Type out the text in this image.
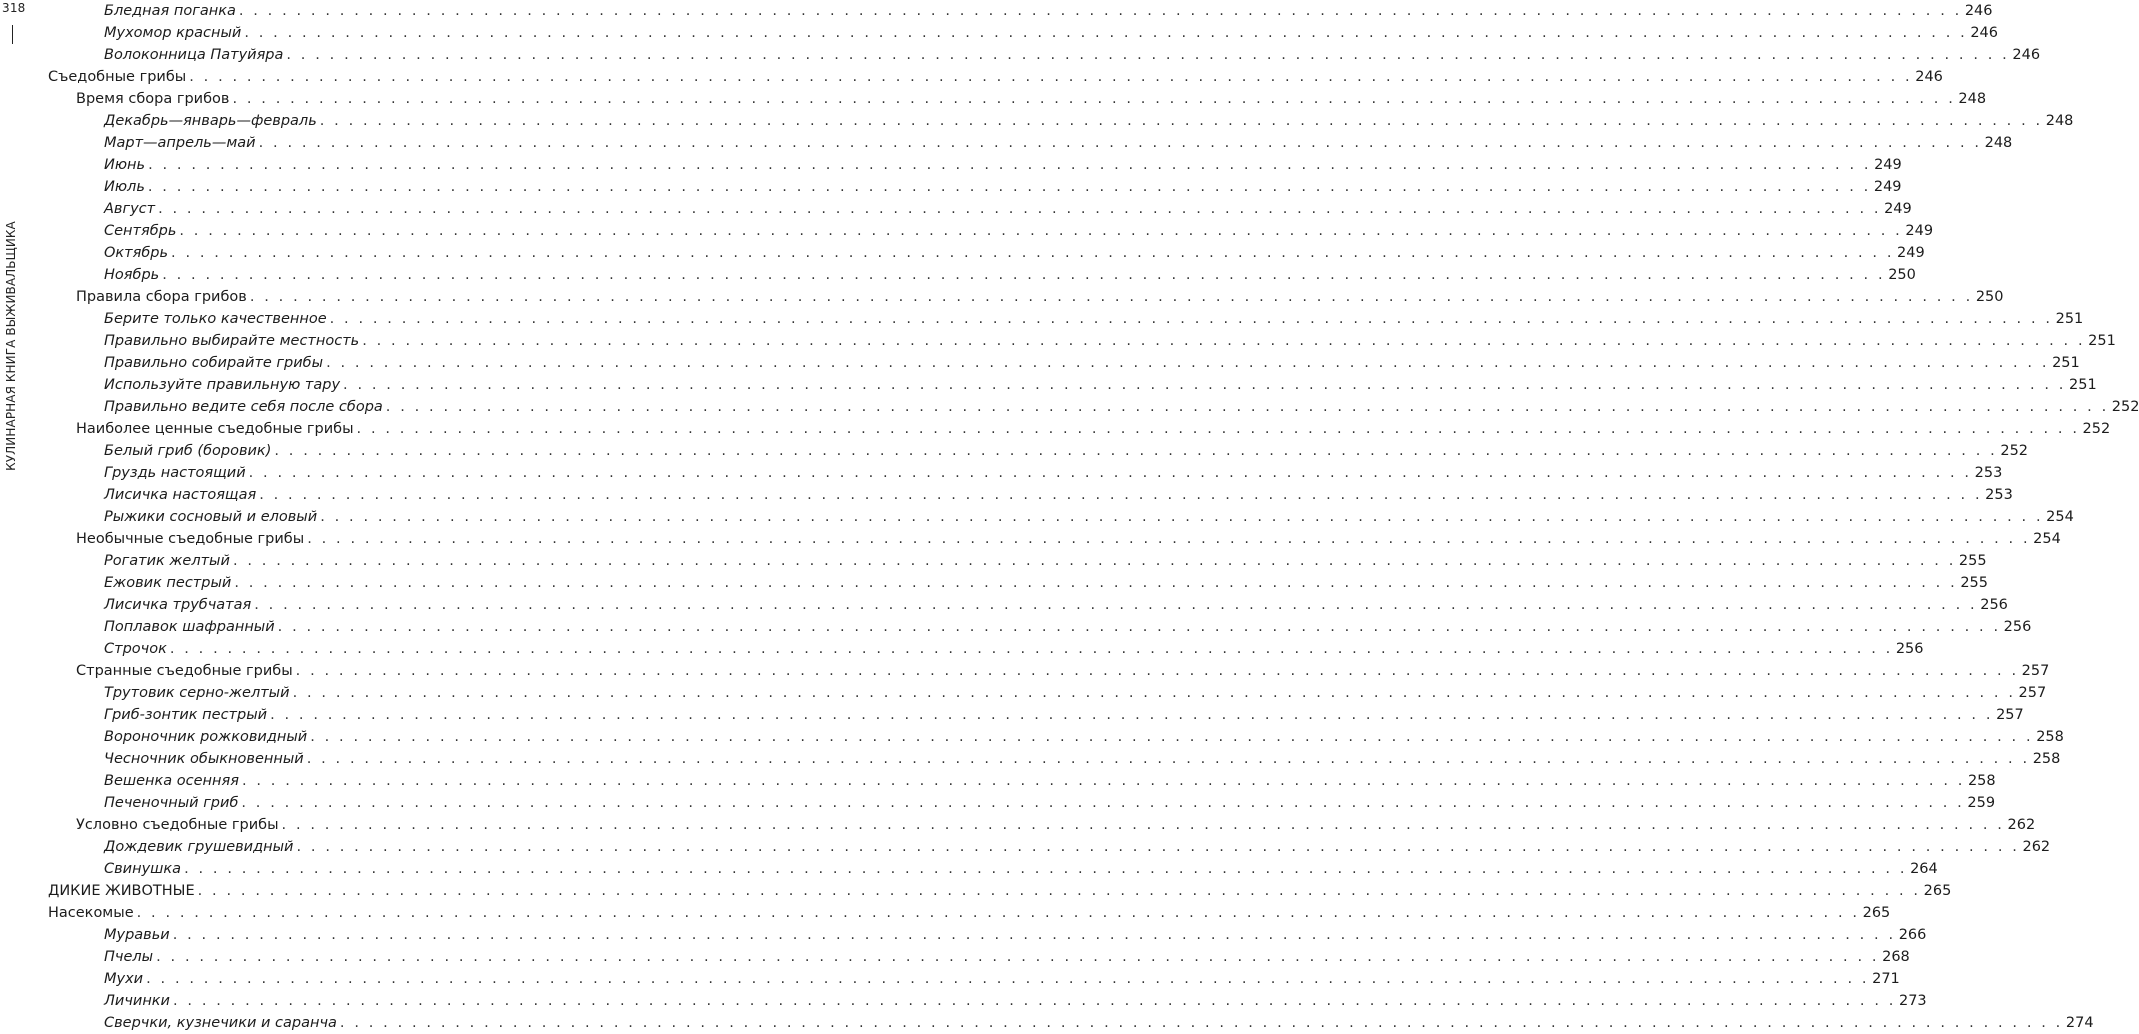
318
КУЛИНАРНАЯ КНИГА ВЫЖИВАЛЬЩИКА
Бледная поганка . . . . . . . . . . . . . . . . . . . . . . . . . . . . . . . . . . . . . . . . . . . . . . . . . . . . . . . . . . . . . . . . . . . . . . . . . . . . . . . . . . . . . . . . . . . . . . . . . . . . . . . . . . . . . . . . . . . . . . . . 246
Мухомор красный . . . . . . . . . . . . . . . . . . . . . . . . . . . . . . . . . . . . . . . . . . . . . . . . . . . . . . . . . . . . . . . . . . . . . . . . . . . . . . . . . . . . . . . . . . . . . . . . . . . . . . . . . . . . . . . . . . . . . . . . 246
Волоконница Патуйяра . . . . . . . . . . . . . . . . . . . . . . . . . . . . . . . . . . . . . . . . . . . . . . . . . . . . . . . . . . . . . . . . . . . . . . . . . . . . . . . . . . . . . . . . . . . . . . . . . . . . . . . . . . . . . . . . . . . . . . . . 246
Съедобные грибы . . . . . . . . . . . . . . . . . . . . . . . . . . . . . . . . . . . . . . . . . . . . . . . . . . . . . . . . . . . . . . . . . . . . . . . . . . . . . . . . . . . . . . . . . . . . . . . . . . . . . . . . . . . . . . . . . . . . . . . . 246
Время сбора грибов . . . . . . . . . . . . . . . . . . . . . . . . . . . . . . . . . . . . . . . . . . . . . . . . . . . . . . . . . . . . . . . . . . . . . . . . . . . . . . . . . . . . . . . . . . . . . . . . . . . . . . . . . . . . . . . . . . . . . . . . 248
Декабрь—январь—февраль . . . . . . . . . . . . . . . . . . . . . . . . . . . . . . . . . . . . . . . . . . . . . . . . . . . . . . . . . . . . . . . . . . . . . . . . . . . . . . . . . . . . . . . . . . . . . . . . . . . . . . . . . . . . . . . . . . . . . . . . 248
Март—апрель—май . . . . . . . . . . . . . . . . . . . . . . . . . . . . . . . . . . . . . . . . . . . . . . . . . . . . . . . . . . . . . . . . . . . . . . . . . . . . . . . . . . . . . . . . . . . . . . . . . . . . . . . . . . . . . . . . . . . . . . . . 248
Июнь . . . . . . . . . . . . . . . . . . . . . . . . . . . . . . . . . . . . . . . . . . . . . . . . . . . . . . . . . . . . . . . . . . . . . . . . . . . . . . . . . . . . . . . . . . . . . . . . . . . . . . . . . . . . . . . . . . . . . . . . 249
Июль . . . . . . . . . . . . . . . . . . . . . . . . . . . . . . . . . . . . . . . . . . . . . . . . . . . . . . . . . . . . . . . . . . . . . . . . . . . . . . . . . . . . . . . . . . . . . . . . . . . . . . . . . . . . . . . . . . . . . . . . 249
Август . . . . . . . . . . . . . . . . . . . . . . . . . . . . . . . . . . . . . . . . . . . . . . . . . . . . . . . . . . . . . . . . . . . . . . . . . . . . . . . . . . . . . . . . . . . . . . . . . . . . . . . . . . . . . . . . . . . . . . . . 249
Сентябрь . . . . . . . . . . . . . . . . . . . . . . . . . . . . . . . . . . . . . . . . . . . . . . . . . . . . . . . . . . . . . . . . . . . . . . . . . . . . . . . . . . . . . . . . . . . . . . . . . . . . . . . . . . . . . . . . . . . . . . . . 249
Октябрь . . . . . . . . . . . . . . . . . . . . . . . . . . . . . . . . . . . . . . . . . . . . . . . . . . . . . . . . . . . . . . . . . . . . . . . . . . . . . . . . . . . . . . . . . . . . . . . . . . . . . . . . . . . . . . . . . . . . . . . . 249
Ноябрь . . . . . . . . . . . . . . . . . . . . . . . . . . . . . . . . . . . . . . . . . . . . . . . . . . . . . . . . . . . . . . . . . . . . . . . . . . . . . . . . . . . . . . . . . . . . . . . . . . . . . . . . . . . . . . . . . . . . . . . . 250
Правила сбора грибов . . . . . . . . . . . . . . . . . . . . . . . . . . . . . . . . . . . . . . . . . . . . . . . . . . . . . . . . . . . . . . . . . . . . . . . . . . . . . . . . . . . . . . . . . . . . . . . . . . . . . . . . . . . . . . . . . . . . . . . . 250
Берите только качественное . . . . . . . . . . . . . . . . . . . . . . . . . . . . . . . . . . . . . . . . . . . . . . . . . . . . . . . . . . . . . . . . . . . . . . . . . . . . . . . . . . . . . . . . . . . . . . . . . . . . . . . . . . . . . . . . . . . . . . . . 251
Правильно выбирайте местность . . . . . . . . . . . . . . . . . . . . . . . . . . . . . . . . . . . . . . . . . . . . . . . . . . . . . . . . . . . . . . . . . . . . . . . . . . . . . . . . . . . . . . . . . . . . . . . . . . . . . . . . . . . . . . . . . . . . . . . . 251
Правильно собирайте грибы . . . . . . . . . . . . . . . . . . . . . . . . . . . . . . . . . . . . . . . . . . . . . . . . . . . . . . . . . . . . . . . . . . . . . . . . . . . . . . . . . . . . . . . . . . . . . . . . . . . . . . . . . . . . . . . . . . . . . . . . 251
Используйте правильную тару . . . . . . . . . . . . . . . . . . . . . . . . . . . . . . . . . . . . . . . . . . . . . . . . . . . . . . . . . . . . . . . . . . . . . . . . . . . . . . . . . . . . . . . . . . . . . . . . . . . . . . . . . . . . . . . . . . . . . . . . 251
Правильно ведите себя после сбора . . . . . . . . . . . . . . . . . . . . . . . . . . . . . . . . . . . . . . . . . . . . . . . . . . . . . . . . . . . . . . . . . . . . . . . . . . . . . . . . . . . . . . . . . . . . . . . . . . . . . . . . . . . . . . . . . . . . . . . . 252
Наиболее ценные съедобные грибы . . . . . . . . . . . . . . . . . . . . . . . . . . . . . . . . . . . . . . . . . . . . . . . . . . . . . . . . . . . . . . . . . . . . . . . . . . . . . . . . . . . . . . . . . . . . . . . . . . . . . . . . . . . . . . . . . . . . . . . . 252
Белый гриб (боровик) . . . . . . . . . . . . . . . . . . . . . . . . . . . . . . . . . . . . . . . . . . . . . . . . . . . . . . . . . . . . . . . . . . . . . . . . . . . . . . . . . . . . . . . . . . . . . . . . . . . . . . . . . . . . . . . . . . . . . . . . 252
Груздь настоящий . . . . . . . . . . . . . . . . . . . . . . . . . . . . . . . . . . . . . . . . . . . . . . . . . . . . . . . . . . . . . . . . . . . . . . . . . . . . . . . . . . . . . . . . . . . . . . . . . . . . . . . . . . . . . . . . . . . . . . . . 253
Лисичка настоящая . . . . . . . . . . . . . . . . . . . . . . . . . . . . . . . . . . . . . . . . . . . . . . . . . . . . . . . . . . . . . . . . . . . . . . . . . . . . . . . . . . . . . . . . . . . . . . . . . . . . . . . . . . . . . . . . . . . . . . . . 253
Рыжики сосновый и еловый . . . . . . . . . . . . . . . . . . . . . . . . . . . . . . . . . . . . . . . . . . . . . . . . . . . . . . . . . . . . . . . . . . . . . . . . . . . . . . . . . . . . . . . . . . . . . . . . . . . . . . . . . . . . . . . . . . . . . . . . 254
Необычные съедобные грибы . . . . . . . . . . . . . . . . . . . . . . . . . . . . . . . . . . . . . . . . . . . . . . . . . . . . . . . . . . . . . . . . . . . . . . . . . . . . . . . . . . . . . . . . . . . . . . . . . . . . . . . . . . . . . . . . . . . . . . . . 254
Рогатик желтый . . . . . . . . . . . . . . . . . . . . . . . . . . . . . . . . . . . . . . . . . . . . . . . . . . . . . . . . . . . . . . . . . . . . . . . . . . . . . . . . . . . . . . . . . . . . . . . . . . . . . . . . . . . . . . . . . . . . . . . . 255
Ежовик пестрый . . . . . . . . . . . . . . . . . . . . . . . . . . . . . . . . . . . . . . . . . . . . . . . . . . . . . . . . . . . . . . . . . . . . . . . . . . . . . . . . . . . . . . . . . . . . . . . . . . . . . . . . . . . . . . . . . . . . . . . . 255
Лисичка трубчатая . . . . . . . . . . . . . . . . . . . . . . . . . . . . . . . . . . . . . . . . . . . . . . . . . . . . . . . . . . . . . . . . . . . . . . . . . . . . . . . . . . . . . . . . . . . . . . . . . . . . . . . . . . . . . . . . . . . . . . . . 256
Поплавок шафранный . . . . . . . . . . . . . . . . . . . . . . . . . . . . . . . . . . . . . . . . . . . . . . . . . . . . . . . . . . . . . . . . . . . . . . . . . . . . . . . . . . . . . . . . . . . . . . . . . . . . . . . . . . . . . . . . . . . . . . . . 256
Строчок . . . . . . . . . . . . . . . . . . . . . . . . . . . . . . . . . . . . . . . . . . . . . . . . . . . . . . . . . . . . . . . . . . . . . . . . . . . . . . . . . . . . . . . . . . . . . . . . . . . . . . . . . . . . . . . . . . . . . . . . 256
Странные съедобные грибы . . . . . . . . . . . . . . . . . . . . . . . . . . . . . . . . . . . . . . . . . . . . . . . . . . . . . . . . . . . . . . . . . . . . . . . . . . . . . . . . . . . . . . . . . . . . . . . . . . . . . . . . . . . . . . . . . . . . . . . . 257
Трутовик серно-желтый . . . . . . . . . . . . . . . . . . . . . . . . . . . . . . . . . . . . . . . . . . . . . . . . . . . . . . . . . . . . . . . . . . . . . . . . . . . . . . . . . . . . . . . . . . . . . . . . . . . . . . . . . . . . . . . . . . . . . . . . 257
Гриб-зонтик пестрый . . . . . . . . . . . . . . . . . . . . . . . . . . . . . . . . . . . . . . . . . . . . . . . . . . . . . . . . . . . . . . . . . . . . . . . . . . . . . . . . . . . . . . . . . . . . . . . . . . . . . . . . . . . . . . . . . . . . . . . . 257
Вороночник рожковидный . . . . . . . . . . . . . . . . . . . . . . . . . . . . . . . . . . . . . . . . . . . . . . . . . . . . . . . . . . . . . . . . . . . . . . . . . . . . . . . . . . . . . . . . . . . . . . . . . . . . . . . . . . . . . . . . . . . . . . . . 258
Чесночник обыкновенный . . . . . . . . . . . . . . . . . . . . . . . . . . . . . . . . . . . . . . . . . . . . . . . . . . . . . . . . . . . . . . . . . . . . . . . . . . . . . . . . . . . . . . . . . . . . . . . . . . . . . . . . . . . . . . . . . . . . . . . . 258
Вешенка осенняя . . . . . . . . . . . . . . . . . . . . . . . . . . . . . . . . . . . . . . . . . . . . . . . . . . . . . . . . . . . . . . . . . . . . . . . . . . . . . . . . . . . . . . . . . . . . . . . . . . . . . . . . . . . . . . . . . . . . . . . . 258
Печеночный гриб . . . . . . . . . . . . . . . . . . . . . . . . . . . . . . . . . . . . . . . . . . . . . . . . . . . . . . . . . . . . . . . . . . . . . . . . . . . . . . . . . . . . . . . . . . . . . . . . . . . . . . . . . . . . . . . . . . . . . . . . 259
Условно съедобные грибы . . . . . . . . . . . . . . . . . . . . . . . . . . . . . . . . . . . . . . . . . . . . . . . . . . . . . . . . . . . . . . . . . . . . . . . . . . . . . . . . . . . . . . . . . . . . . . . . . . . . . . . . . . . . . . . . . . . . . . . . 262
Дождевик грушевидный . . . . . . . . . . . . . . . . . . . . . . . . . . . . . . . . . . . . . . . . . . . . . . . . . . . . . . . . . . . . . . . . . . . . . . . . . . . . . . . . . . . . . . . . . . . . . . . . . . . . . . . . . . . . . . . . . . . . . . . . 262
Свинушка . . . . . . . . . . . . . . . . . . . . . . . . . . . . . . . . . . . . . . . . . . . . . . . . . . . . . . . . . . . . . . . . . . . . . . . . . . . . . . . . . . . . . . . . . . . . . . . . . . . . . . . . . . . . . . . . . . . . . . . . 264
ДИКИЕ ЖИВОТНЫЕ . . . . . . . . . . . . . . . . . . . . . . . . . . . . . . . . . . . . . . . . . . . . . . . . . . . . . . . . . . . . . . . . . . . . . . . . . . . . . . . . . . . . . . . . . . . . . . . . . . . . . . . . . . . . . . . . . . . . . . . . 265
Насекомые . . . . . . . . . . . . . . . . . . . . . . . . . . . . . . . . . . . . . . . . . . . . . . . . . . . . . . . . . . . . . . . . . . . . . . . . . . . . . . . . . . . . . . . . . . . . . . . . . . . . . . . . . . . . . . . . . . . . . . . . 265
Муравьи . . . . . . . . . . . . . . . . . . . . . . . . . . . . . . . . . . . . . . . . . . . . . . . . . . . . . . . . . . . . . . . . . . . . . . . . . . . . . . . . . . . . . . . . . . . . . . . . . . . . . . . . . . . . . . . . . . . . . . . . 266
Пчелы . . . . . . . . . . . . . . . . . . . . . . . . . . . . . . . . . . . . . . . . . . . . . . . . . . . . . . . . . . . . . . . . . . . . . . . . . . . . . . . . . . . . . . . . . . . . . . . . . . . . . . . . . . . . . . . . . . . . . . . . 268
Мухи . . . . . . . . . . . . . . . . . . . . . . . . . . . . . . . . . . . . . . . . . . . . . . . . . . . . . . . . . . . . . . . . . . . . . . . . . . . . . . . . . . . . . . . . . . . . . . . . . . . . . . . . . . . . . . . . . . . . . . . . 271
Личинки . . . . . . . . . . . . . . . . . . . . . . . . . . . . . . . . . . . . . . . . . . . . . . . . . . . . . . . . . . . . . . . . . . . . . . . . . . . . . . . . . . . . . . . . . . . . . . . . . . . . . . . . . . . . . . . . . . . . . . . . 273
Сверчки, кузнечики и саранча . . . . . . . . . . . . . . . . . . . . . . . . . . . . . . . . . . . . . . . . . . . . . . . . . . . . . . . . . . . . . . . . . . . . . . . . . . . . . . . . . . . . . . . . . . . . . . . . . . . . . . . . . . . . . . . . . . . . . . . . 274
